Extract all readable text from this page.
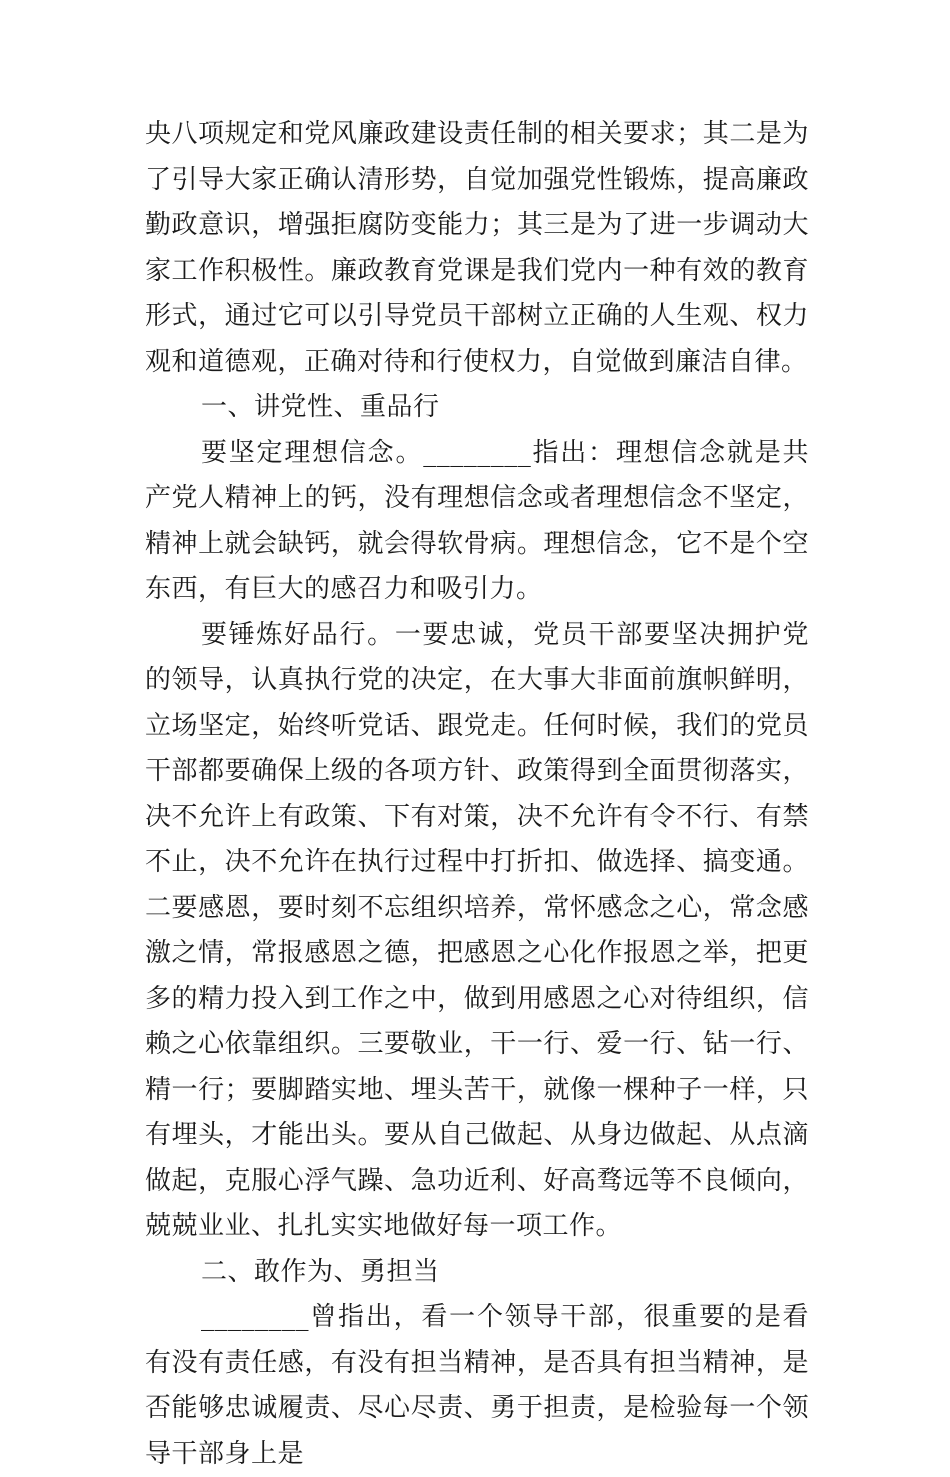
央八项规定和党风廉政建设责任制的相关要求；其二是为了引导大家正确认清形势，自觉加强党性锻炼，提高廉政勤政意识，增强拒腐防变能力；其三是为了进一步调动大家工作积极性。廉政教育党课是我们党内一种有效的教育形式，通过它可以引导党员干部树立正确的人生观、权力观和道德观，正确对待和行使权力，自觉做到廉洁自律。

一、讲党性、重品行

要坚定理想信念。________指出：理想信念就是共产党人精神上的钙，没有理想信念或者理想信念不坚定，精神上就会缺钙，就会得软骨病。理想信念，它不是个空东西，有巨大的感召力和吸引力。

要锤炼好品行。一要忠诚，党员干部要坚决拥护党的领导，认真执行党的决定，在大事大非面前旗帜鲜明，立场坚定，始终听党话、跟党走。任何时候，我们的党员干部都要确保上级的各项方针、政策得到全面贯彻落实，决不允许上有政策、下有对策，决不允许有令不行、有禁不止，决不允许在执行过程中打折扣、做选择、搞变通。二要感恩，要时刻不忘组织培养，常怀感念之心，常念感激之情，常报感恩之德，把感恩之心化作报恩之举，把更多的精力投入到工作之中，做到用感恩之心对待组织，信赖之心依靠组织。三要敬业，干一行、爱一行、钻一行、精一行；要脚踏实地、埋头苦干，就像一棵种子一样，只有埋头，才能出头。要从自己做起、从身边做起、从点滴做起，克服心浮气躁、急功近利、好高骛远等不良倾向，兢兢业业、扎扎实实地做好每一项工作。

二、敢作为、勇担当

________曾指出，看一个领导干部，很重要的是看有没有责任感，有没有担当精神，是否具有担当精神，是否能够忠诚履责、尽心尽责、勇于担责，是检验每一个领导干部身上是
